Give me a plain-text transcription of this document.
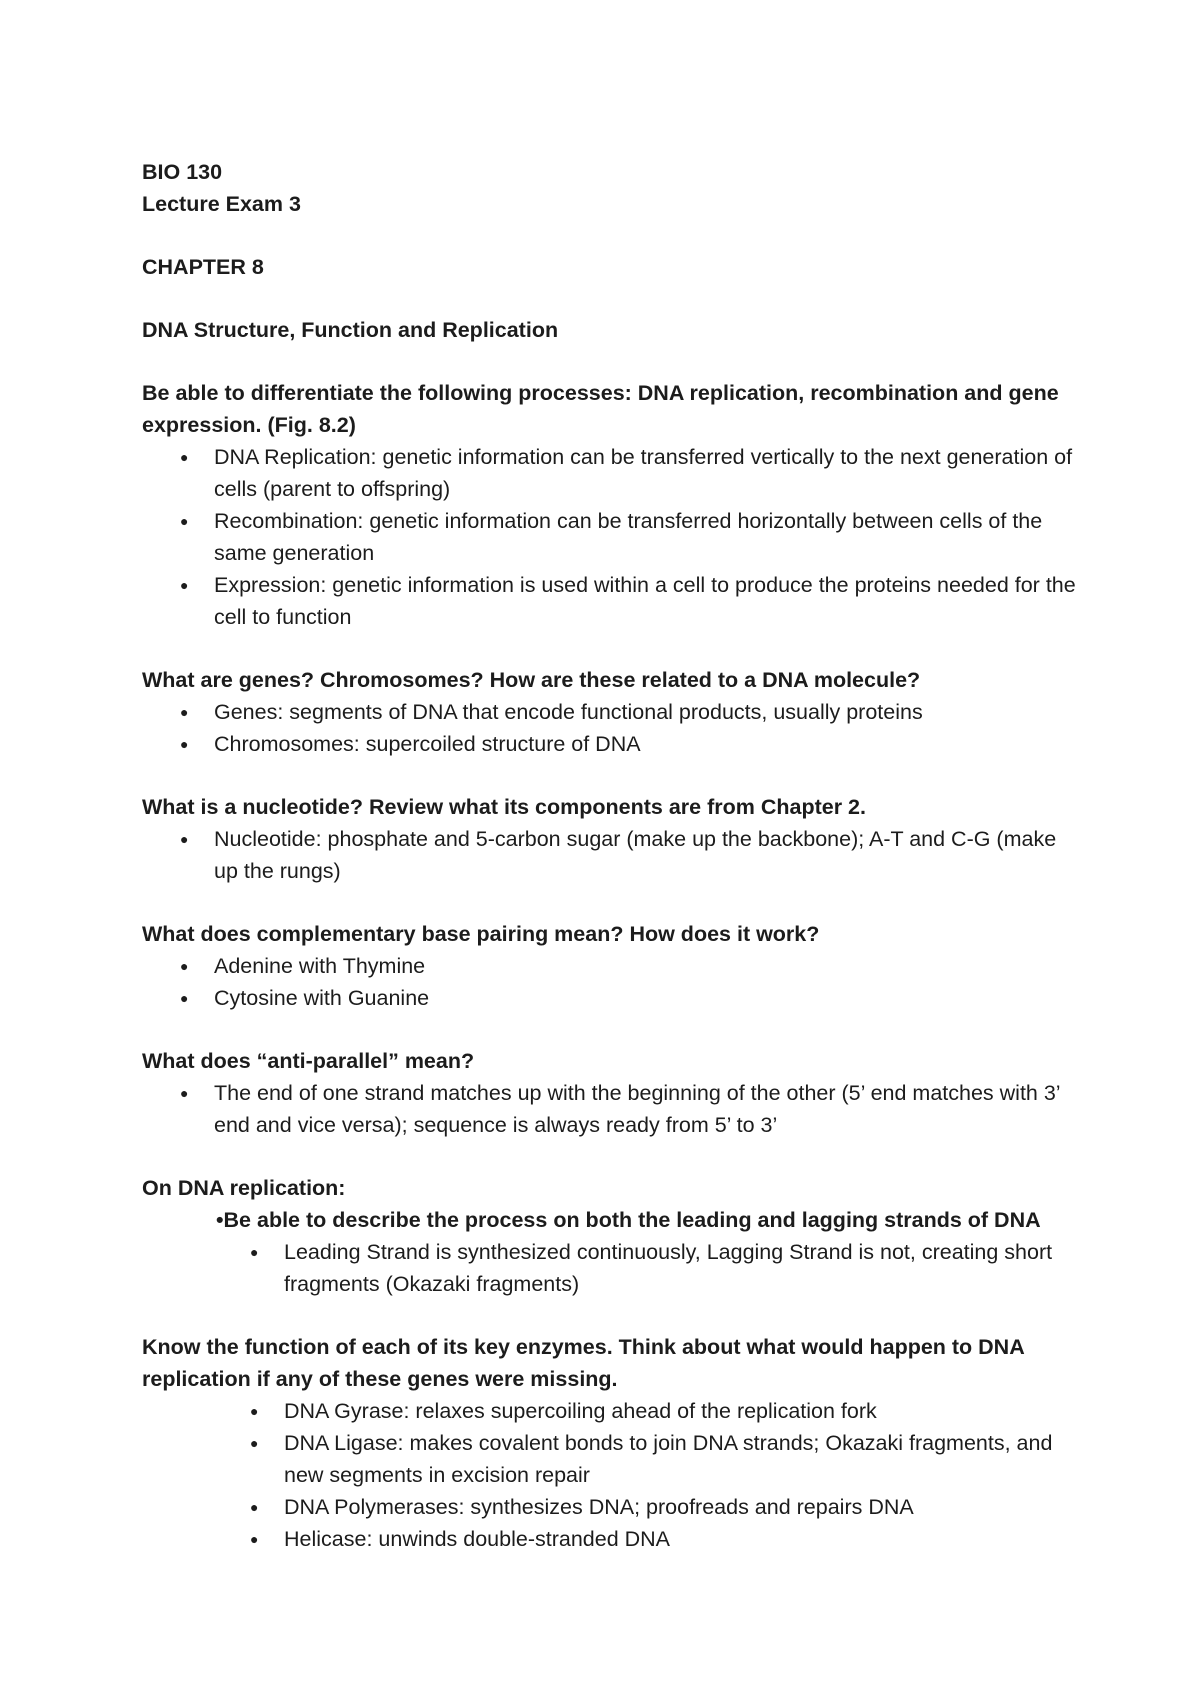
BIO 130

Lecture Exam 3

CHAPTER 8

DNA Structure, Function and Replication

Be able to differentiate the following processes: DNA replication, recombination and gene expression. (Fig. 8.2)

● DNA Replication: genetic information can be transferred vertically to the next generation of cells (parent to offspring)
● Recombination: genetic information can be transferred horizontally between cells of the same generation
● Expression: genetic information is used within a cell to produce the proteins needed for the cell to function

What are genes? Chromosomes? How are these related to a DNA molecule?

● Genes: segments of DNA that encode functional products, usually proteins
● Chromosomes: supercoiled structure of DNA

What is a nucleotide? Review what its components are from Chapter 2.

● Nucleotide: phosphate and 5-carbon sugar (make up the backbone); A-T and C-G (make up the rungs)

What does complementary base pairing mean? How does it work?

● Adenine with Thymine
● Cytosine with Guanine

What does “anti-parallel” mean?

● The end of one strand matches up with the beginning of the other (5’ end matches with 3’ end and vice versa); sequence is always ready from 5’ to 3’

On DNA replication:

•Be able to describe the process on both the leading and lagging strands of DNA

● Leading Strand is synthesized continuously, Lagging Strand is not, creating short fragments (Okazaki fragments)

Know the function of each of its key enzymes. Think about what would happen to DNA replication if any of these genes were missing.

● DNA Gyrase: relaxes supercoiling ahead of the replication fork
● DNA Ligase: makes covalent bonds to join DNA strands; Okazaki fragments, and new segments in excision repair
● DNA Polymerases: synthesizes DNA; proofreads and repairs DNA
● Helicase: unwinds double-stranded DNA
